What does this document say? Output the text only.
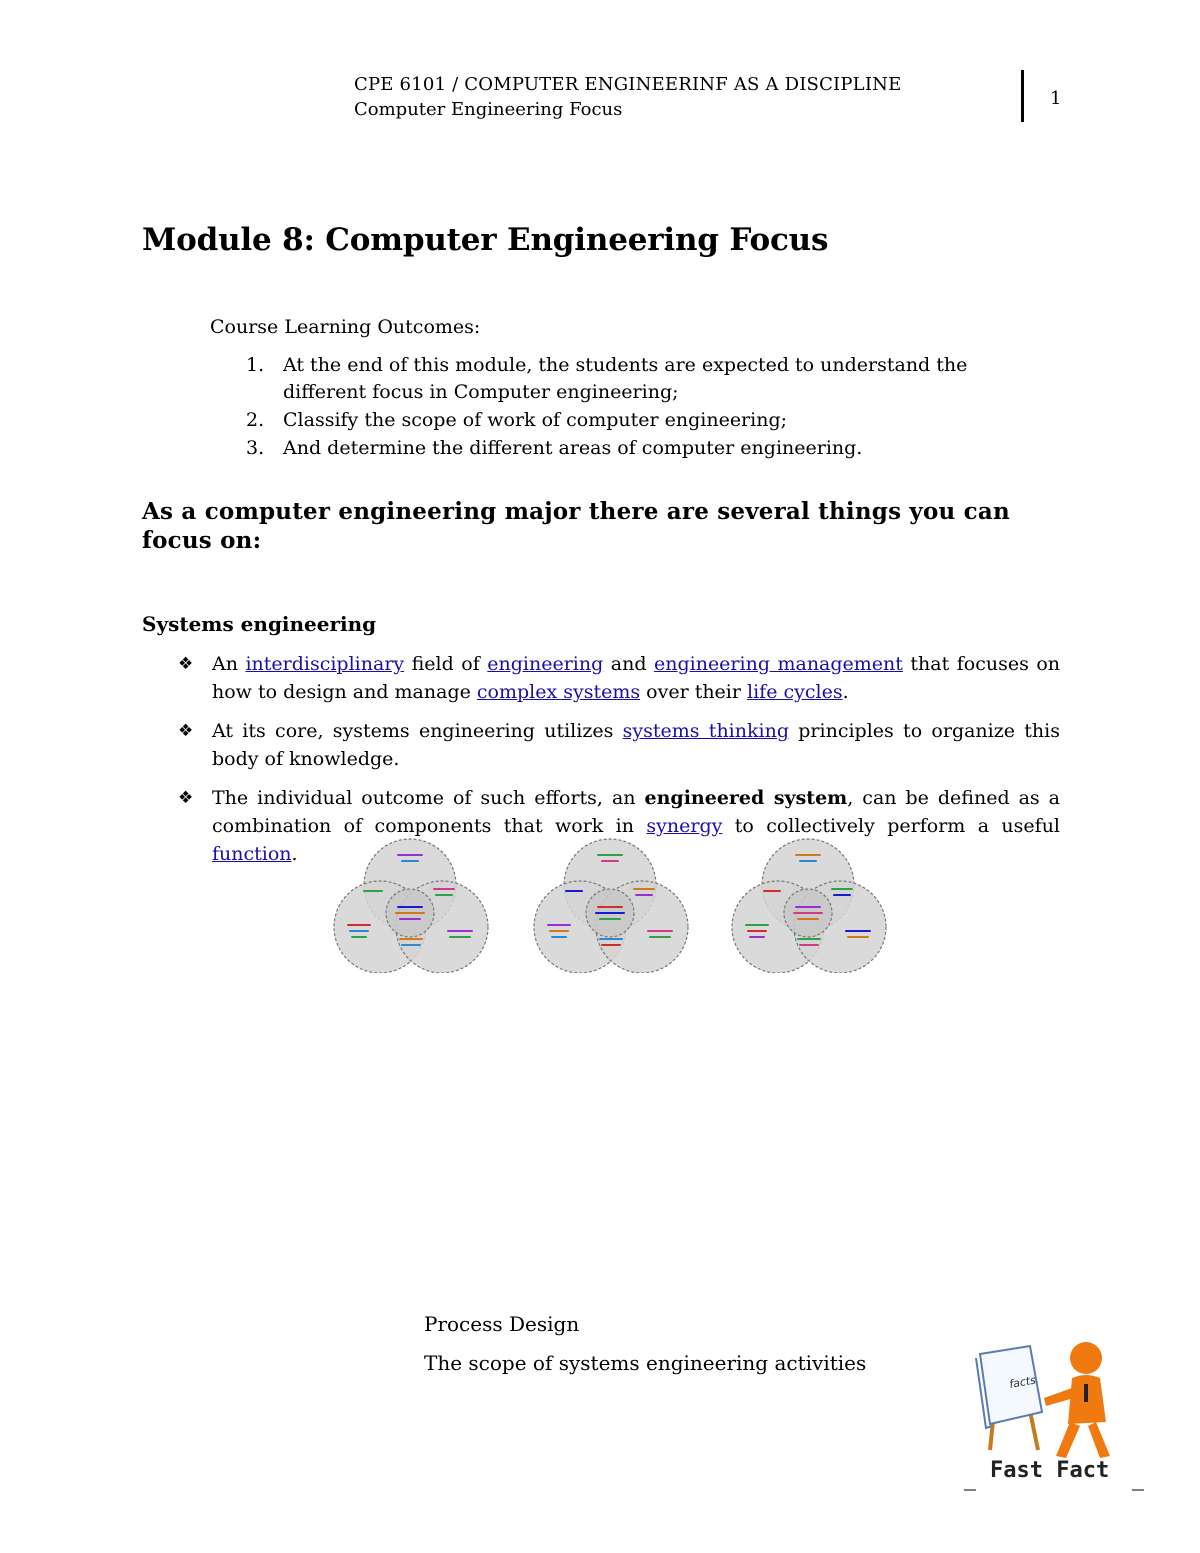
CPE 6101 / COMPUTER ENGINEERINF AS A DISCIPLINE
Computer Engineering Focus
1
Module 8: Computer Engineering Focus
Course Learning Outcomes:
1. At the end of this module, the students are expected to understand the different focus in Computer engineering;
2. Classify the scope of work of computer engineering;
3. And determine the different areas of computer engineering.
As a computer engineering major there are several things you can focus on:
Systems engineering
❖ An interdisciplinary field of engineering and engineering management that focuses on how to design and manage complex systems over their life cycles.
❖ At its core, systems engineering utilizes systems thinking principles to organize this body of knowledge.
❖ The individual outcome of such efforts, an engineered system, can be defined as a combination of components that work in synergy to collectively perform a useful function.
Process Design
The scope of systems engineering activities
facts
Fast Fact
